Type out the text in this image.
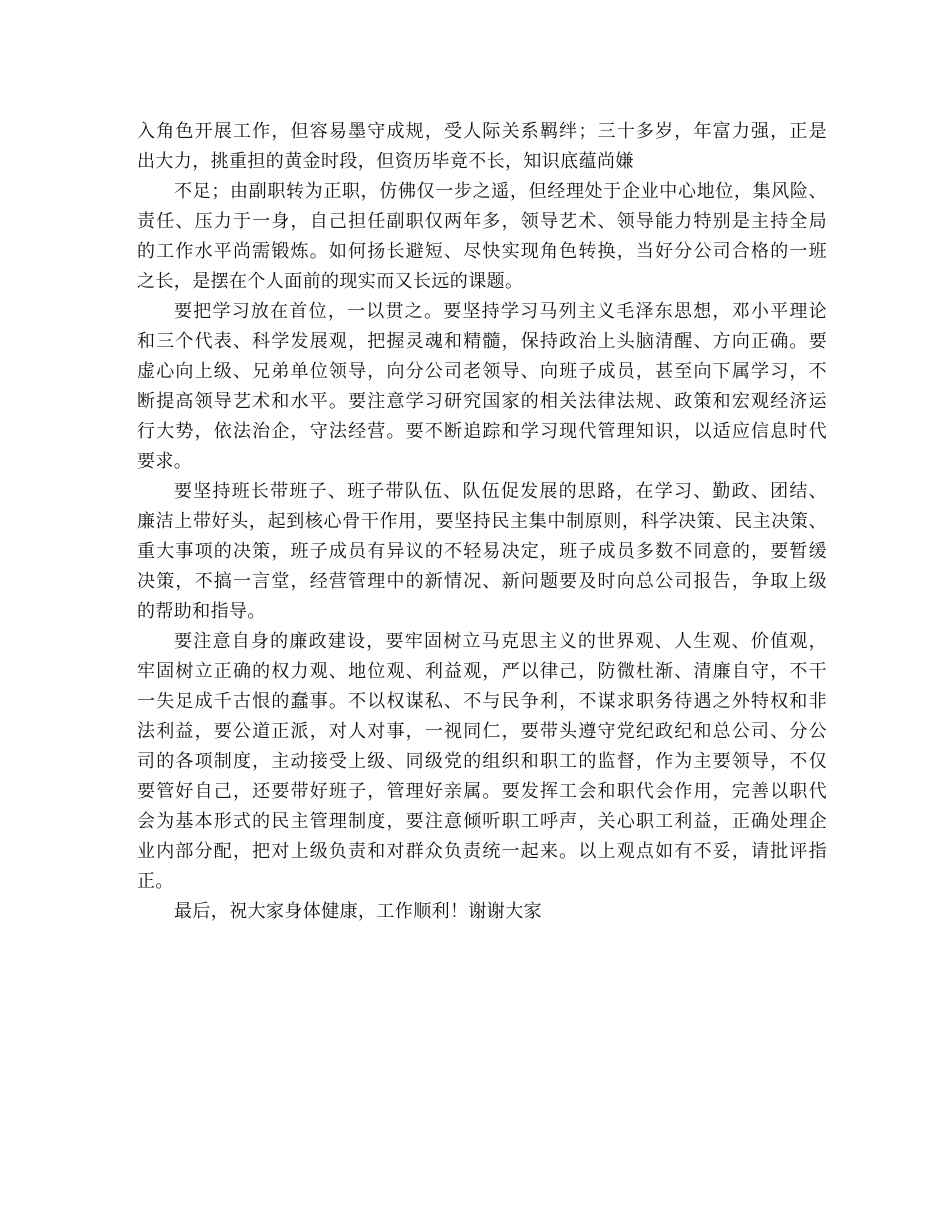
入角色开展工作，但容易墨守成规，受人际关系羁绊；三十多岁，年富力强，正是
出大力，挑重担的黄金时段，但资历毕竟不长，知识底蕴尚嫌
不足；由副职转为正职，仿佛仅一步之遥，但经理处于企业中心地位，集风险、
责任、压力于一身，自己担任副职仅两年多，领导艺术、领导能力特别是主持全局
的工作水平尚需锻炼。如何扬长避短、尽快实现角色转换，当好分公司合格的一班
之长，是摆在个人面前的现实而又长远的课题。
要把学习放在首位，一以贯之。要坚持学习马列主义毛泽东思想，邓小平理论
和三个代表、科学发展观，把握灵魂和精髓，保持政治上头脑清醒、方向正确。要
虚心向上级、兄弟单位领导，向分公司老领导、向班子成员，甚至向下属学习，不
断提高领导艺术和水平。要注意学习研究国家的相关法律法规、政策和宏观经济运
行大势，依法治企，守法经营。要不断追踪和学习现代管理知识，以适应信息时代
要求。
要坚持班长带班子、班子带队伍、队伍促发展的思路，在学习、勤政、团结、
廉洁上带好头，起到核心骨干作用，要坚持民主集中制原则，科学决策、民主决策、
重大事项的决策，班子成员有异议的不轻易决定，班子成员多数不同意的，要暂缓
决策，不搞一言堂，经营管理中的新情况、新问题要及时向总公司报告，争取上级
的帮助和指导。
要注意自身的廉政建设，要牢固树立马克思主义的世界观、人生观、价值观，
牢固树立正确的权力观、地位观、利益观，严以律己，防微杜渐、清廉自守，不干
一失足成千古恨的蠢事。不以权谋私、不与民争利，不谋求职务待遇之外特权和非
法利益，要公道正派，对人对事，一视同仁，要带头遵守党纪政纪和总公司、分公
司的各项制度，主动接受上级、同级党的组织和职工的监督，作为主要领导，不仅
要管好自己，还要带好班子，管理好亲属。要发挥工会和职代会作用，完善以职代
会为基本形式的民主管理制度，要注意倾听职工呼声，关心职工利益，正确处理企
业内部分配，把对上级负责和对群众负责统一起来。以上观点如有不妥，请批评指
正。
最后，祝大家身体健康，工作顺利！谢谢大家
